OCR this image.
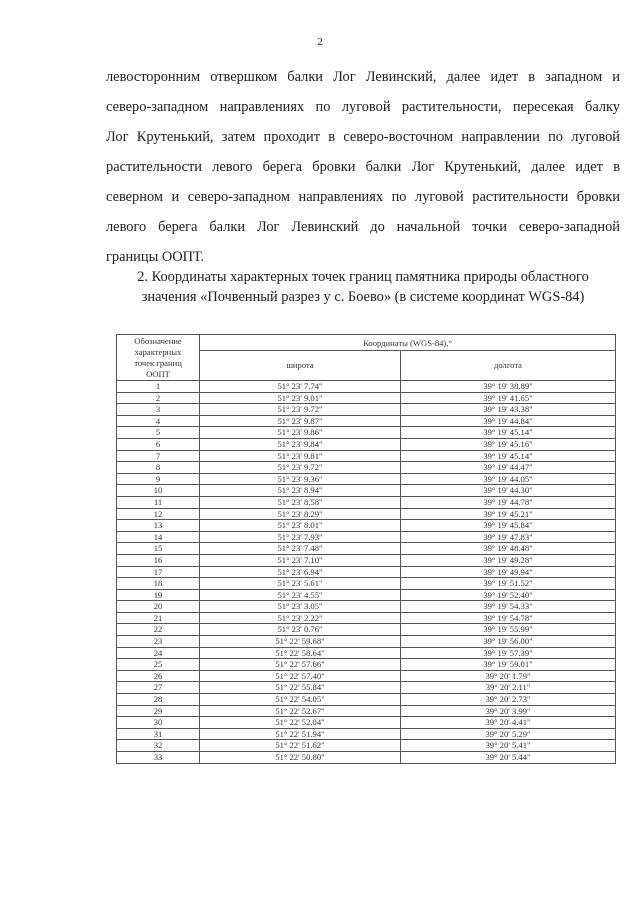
2
левосторонним отвершком балки Лог Левинский, далее идет в западном и
северо-западном направлениях по луговой растительности, пересекая балку
Лог Крутенький, затем проходит в северо-восточном направлении по луговой
растительности левого берега бровки балки Лог Крутенький, далее идет в
северном и северо-западном направлениях по луговой растительности бровки
левого берега балки Лог Левинский до начальной точки северо-западной
границы ООПТ.
2. Координаты характерных точек границ памятника природы областного
значения «Почвенный разрез у с. Боево» (в системе координат WGS-84)
Обозначение
характерных
точек границ
ООПТ	Координаты (WGS-84),°	
	широта	долгота
1	51° 23' 7.74"	39° 19' 38.89"
2	51° 23' 9.01"	39° 19' 41.65"
3	51° 23' 9.72"	39° 19' 43.38"
4	51° 23' 9.87"	39° 19' 44.84"
5	51° 23' 9.86"	39° 19' 45.14"
6	51° 23' 9.84"	39° 19' 45.16"
7	51° 23' 9.81"	39° 19' 45.14"
8	51° 23' 9.72"	39° 19' 44.47"
9	51° 23' 9.36"	39° 19' 44.05"
10	51° 23' 8.94"	39° 19' 44.30"
11	51° 23' 8.58"	39° 19' 44.78"
12	51° 23' 8.29"	39° 19' 45.21"
13	51° 23' 8.01"	39° 19' 45.84"
14	51° 23' 7.93"	39° 19' 47.83"
15	51° 23' 7.48"	39° 19' 48.48"
16	51° 23' 7.10"	39° 19' 49.28"
17	51° 23' 6.94"	39° 19' 49.94"
18	51° 23' 5.61"	39° 19' 51.52"
19	51° 23' 4.55"	39° 19' 52.40"
20	51° 23' 3.05"	39° 19' 54.33"
21	51° 23' 2.22"	39° 19' 54.78"
22	51° 23' 0.76"	39° 19' 55.99"
23	51° 22' 59.68"	39° 19' 56.00"
24	51° 22' 58.64"	39° 19' 57.39"
25	51° 22' 57.66"	39° 19' 59.01"
26	51° 22' 57.40"	39° 20' 1.79"
27	51° 22' 55.84"	39° 20' 2.11"
28	51° 22' 54.05"	39° 20' 2.73"
29	51° 22' 52.67"	39° 20' 3.99"
30	51° 22' 52.04"	39° 20' 4.41"
31	51° 22' 51.94"	39° 20' 5.29"
32	51° 22' 51.62"	39° 20' 5.41"
33	51° 22' 50.80"	39° 20' 5.44"
